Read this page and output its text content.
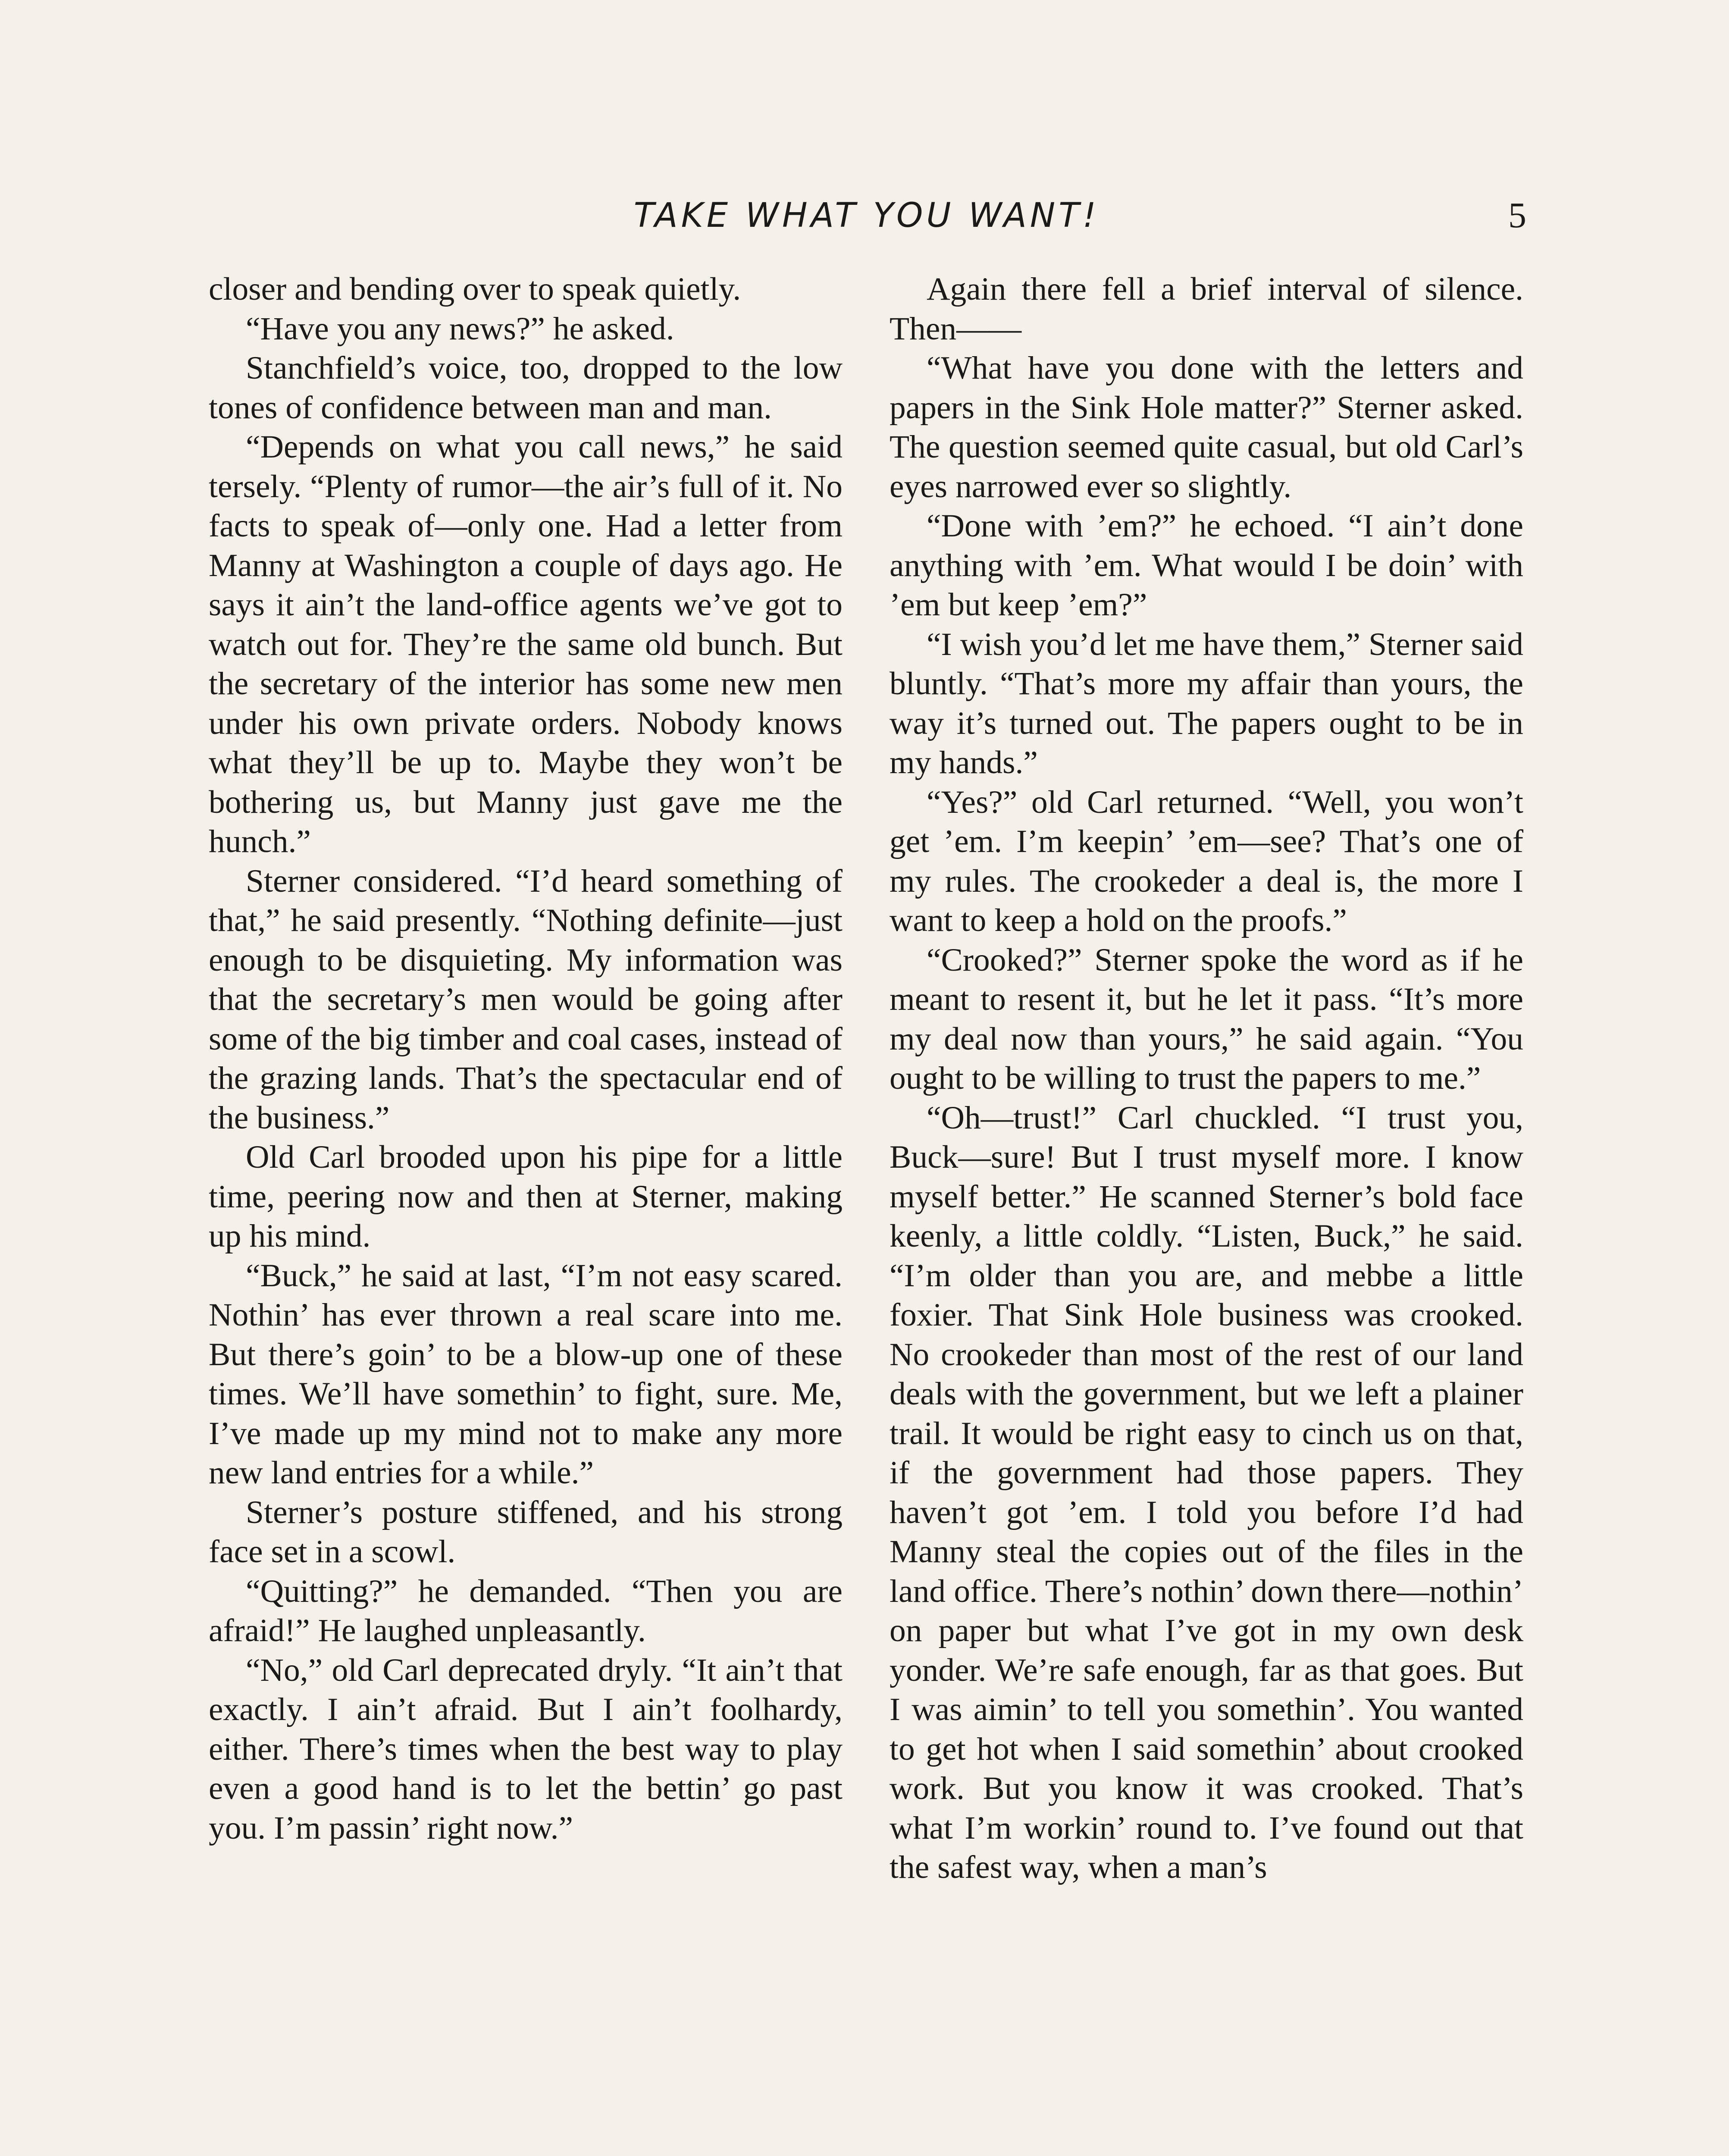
TAKE WHAT YOU WANT!	5

closer and bending over to speak quietly.

“Have you any news?” he asked.

Stanchfield’s voice, too, dropped to the low tones of confidence between man and man.

“Depends on what you call news,” he said tersely. “Plenty of rumor—the air’s full of it. No facts to speak of—only one. Had a letter from Manny at Washington a couple of days ago. He says it ain’t the land-office agents we’ve got to watch out for. They’re the same old bunch. But the secretary of the interior has some new men under his own private orders. Nobody knows what they’ll be up to. Maybe they won’t be bothering us, but Manny just gave me the hunch.”

Sterner considered. “I’d heard something of that,” he said presently. “Nothing definite—just enough to be disquieting. My information was that the secretary’s men would be going after some of the big timber and coal cases, instead of the grazing lands. That’s the spectacular end of the business.”

Old Carl brooded upon his pipe for a little time, peering now and then at Sterner, making up his mind.

“Buck,” he said at last, “I’m not easy scared. Nothin’ has ever thrown a real scare into me. But there’s goin’ to be a blow-up one of these times. We’ll have somethin’ to fight, sure. Me, I’ve made up my mind not to make any more new land entries for a while.”

Sterner’s posture stiffened, and his strong face set in a scowl.

“Quitting?” he demanded. “Then you are afraid!” He laughed unpleasantly.

“No,” old Carl deprecated dryly. “It ain’t that exactly. I ain’t afraid. But I ain’t foolhardy, either. There’s times when the best way to play even a good hand is to let the bettin’ go past you. I’m passin’ right now.”

Again there fell a brief interval of silence. Then——

“What have you done with the letters and papers in the Sink Hole matter?” Sterner asked. The question seemed quite casual, but old Carl’s eyes narrowed ever so slightly.

“Done with ’em?” he echoed. “I ain’t done anything with ’em. What would I be doin’ with ’em but keep ’em?”

“I wish you’d let me have them,” Sterner said bluntly. “That’s more my affair than yours, the way it’s turned out. The papers ought to be in my hands.”

“Yes?” old Carl returned. “Well, you won’t get ’em. I’m keepin’ ’em—see? That’s one of my rules. The crookeder a deal is, the more I want to keep a hold on the proofs.”

“Crooked?” Sterner spoke the word as if he meant to resent it, but he let it pass. “It’s more my deal now than yours,” he said again. “You ought to be willing to trust the papers to me.”

“Oh—trust!” Carl chuckled. “I trust you, Buck—sure! But I trust myself more. I know myself better.” He scanned Sterner’s bold face keenly, a little coldly. “Listen, Buck,” he said. “I’m older than you are, and mebbe a little foxier. That Sink Hole business was crooked. No crookeder than most of the rest of our land deals with the government, but we left a plainer trail. It would be right easy to cinch us on that, if the government had those papers. They haven’t got ’em. I told you before I’d had Manny steal the copies out of the files in the land office. There’s nothin’ down there—nothin’ on paper but what I’ve got in my own desk yonder. We’re safe enough, far as that goes. But I was aimin’ to tell you somethin’. You wanted to get hot when I said somethin’ about crooked work. But you know it was crooked. That’s what I’m workin’ round to. I’ve found out that the safest way, when a man’s
